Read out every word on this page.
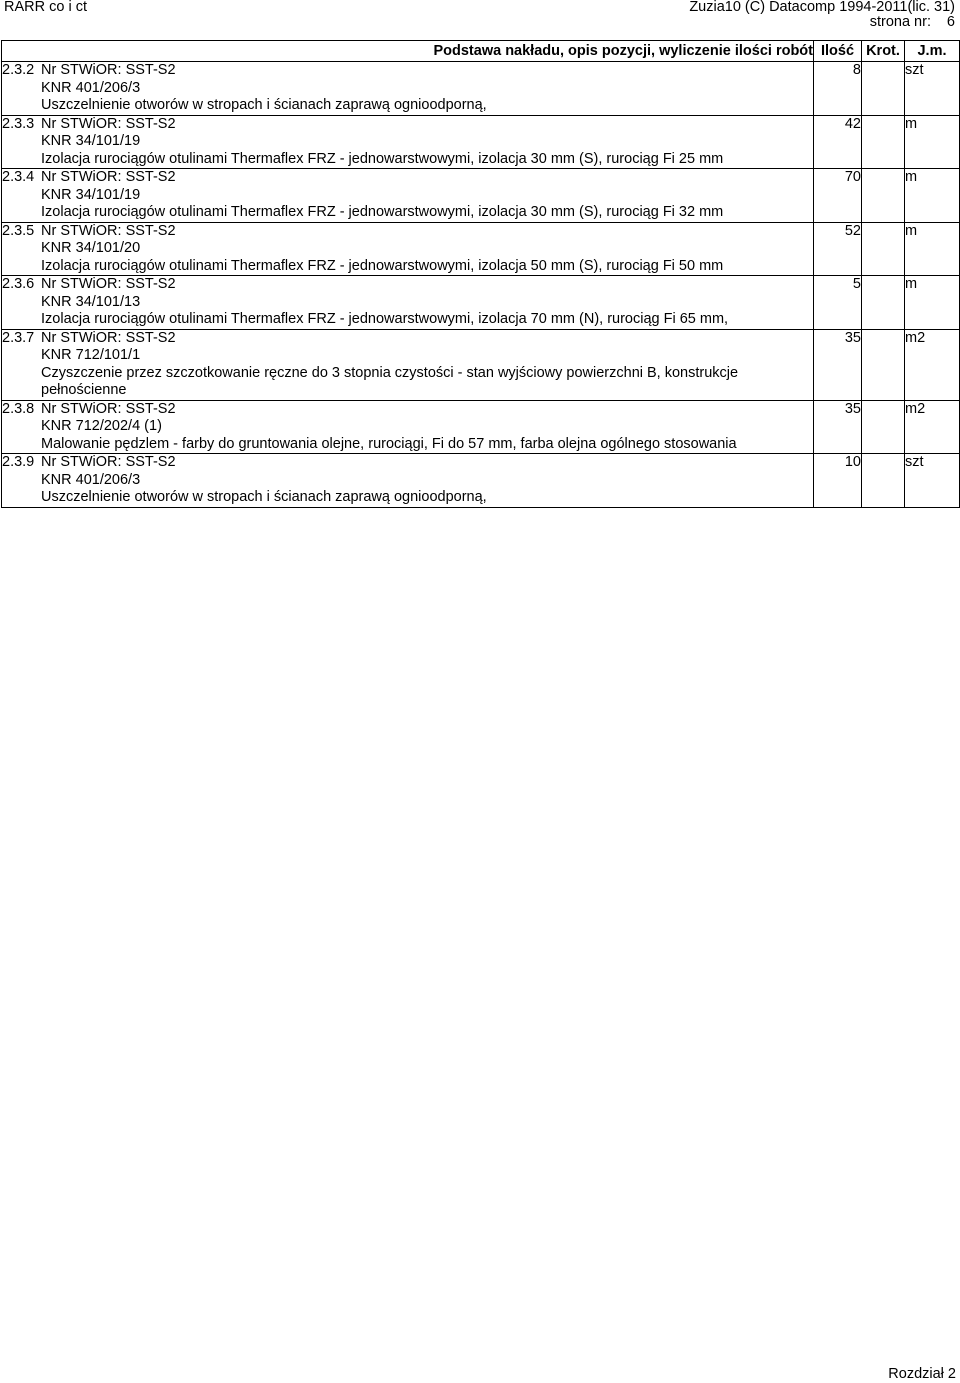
RARR co i ct	Zuzia10 (C) Datacomp 1994-2011(lic. 31)
strona nr: 6
Podstawa nakładu, opis pozycji, wyliczenie ilości robót	Ilość	Krot.	J.m.

2.3.2 Nr STWiOR: SST-S2
KNR 401/206/3
Uszczelnienie otworów w stropach i ścianach zaprawą ognioodporną,	8		szt

2.3.3 Nr STWiOR: SST-S2
KNR 34/101/19
Izolacja rurociągów otulinami Thermaflex FRZ - jednowarstwowymi, izolacja 30 mm (S), rurociąg Fi 25 mm	42		m

2.3.4 Nr STWiOR: SST-S2
KNR 34/101/19
Izolacja rurociągów otulinami Thermaflex FRZ - jednowarstwowymi, izolacja 30 mm (S), rurociąg Fi 32 mm	70		m

2.3.5 Nr STWiOR: SST-S2
KNR 34/101/20
Izolacja rurociągów otulinami Thermaflex FRZ - jednowarstwowymi, izolacja 50 mm (S), rurociąg Fi 50 mm	52		m

2.3.6 Nr STWiOR: SST-S2
KNR 34/101/13
Izolacja rurociągów otulinami Thermaflex FRZ - jednowarstwowymi, izolacja 70 mm (N), rurociąg Fi 65 mm,	5		m

2.3.7 Nr STWiOR: SST-S2
KNR 712/101/1
Czyszczenie przez szczotkowanie ręczne do 3 stopnia czystości - stan wyjściowy powierzchni B, konstrukcje pełnościenne	35		m2

2.3.8 Nr STWiOR: SST-S2
KNR 712/202/4 (1)
Malowanie pędzlem - farby do gruntowania olejne, rurociągi, Fi do 57 mm, farba olejna ogólnego stosowania	35		m2

2.3.9 Nr STWiOR: SST-S2
KNR 401/206/3
Uszczelnienie otworów w stropach i ścianach zaprawą ognioodporną,	10		szt
Rozdział 2
